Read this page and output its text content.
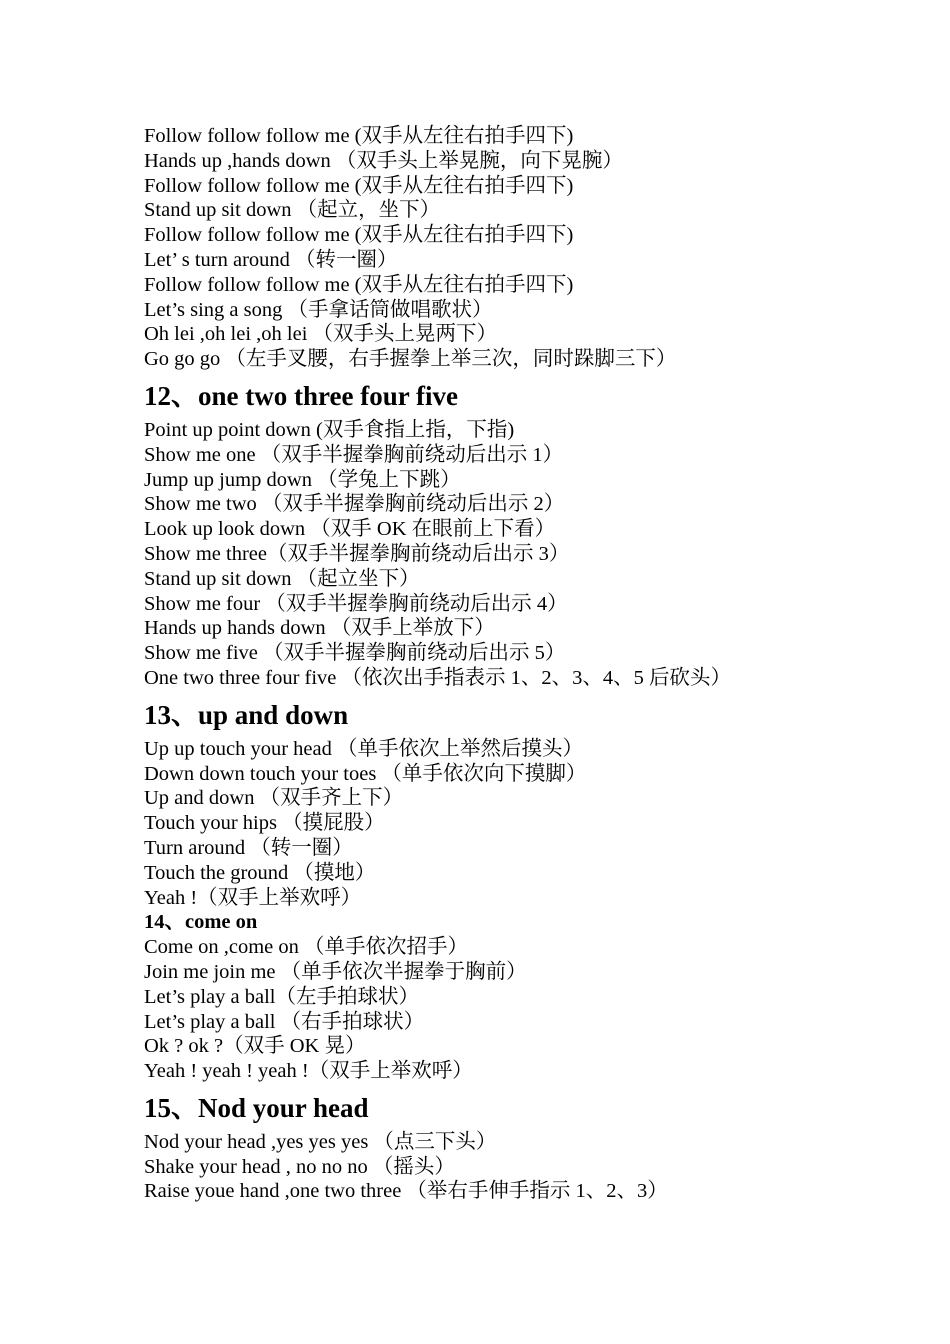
Follow follow follow me (双手从左往右拍手四下)
Hands up ,hands down （双手头上举晃腕，向下晃腕）
Follow follow follow me (双手从左往右拍手四下)
Stand up sit down （起立，坐下）
Follow follow follow me (双手从左往右拍手四下)
Let’ s turn around （转一圈）
Follow follow follow me (双手从左往右拍手四下)
Let’s sing a song （手拿话筒做唱歌状）
Oh lei ,oh lei ,oh lei （双手头上晃两下）
Go go go （左手叉腰，右手握拳上举三次，同时跺脚三下）
12、one two three four five
Point up point down (双手食指上指，下指)
Show me one （双手半握拳胸前绕动后出示 1）
Jump up jump down （学兔上下跳）
Show me two （双手半握拳胸前绕动后出示 2）
Look up look down （双手 OK 在眼前上下看）
Show me three（双手半握拳胸前绕动后出示 3）
Stand up sit down （起立坐下）
Show me four （双手半握拳胸前绕动后出示 4）
Hands up hands down （双手上举放下）
Show me five （双手半握拳胸前绕动后出示 5）
One two three four five （依次出手指表示 1、2、3、4、5 后砍头）
13、up and down
Up up touch your head （单手依次上举然后摸头）
Down down touch your toes （单手依次向下摸脚）
Up and down （双手齐上下）
Touch your hips （摸屁股）
Turn around （转一圈）
Touch the ground （摸地）
Yeah !（双手上举欢呼）
14、come on
Come on ,come on （单手依次招手）
Join me join me （单手依次半握拳于胸前）
Let’s play a ball（左手拍球状）
Let’s play a ball （右手拍球状）
Ok ? ok ?（双手 OK 晃）
Yeah ! yeah ! yeah !（双手上举欢呼）
15、Nod your head
Nod your head ,yes yes yes （点三下头）
Shake your head , no no no （摇头）
Raise youe hand ,one two three （举右手伸手指示 1、2、3）
